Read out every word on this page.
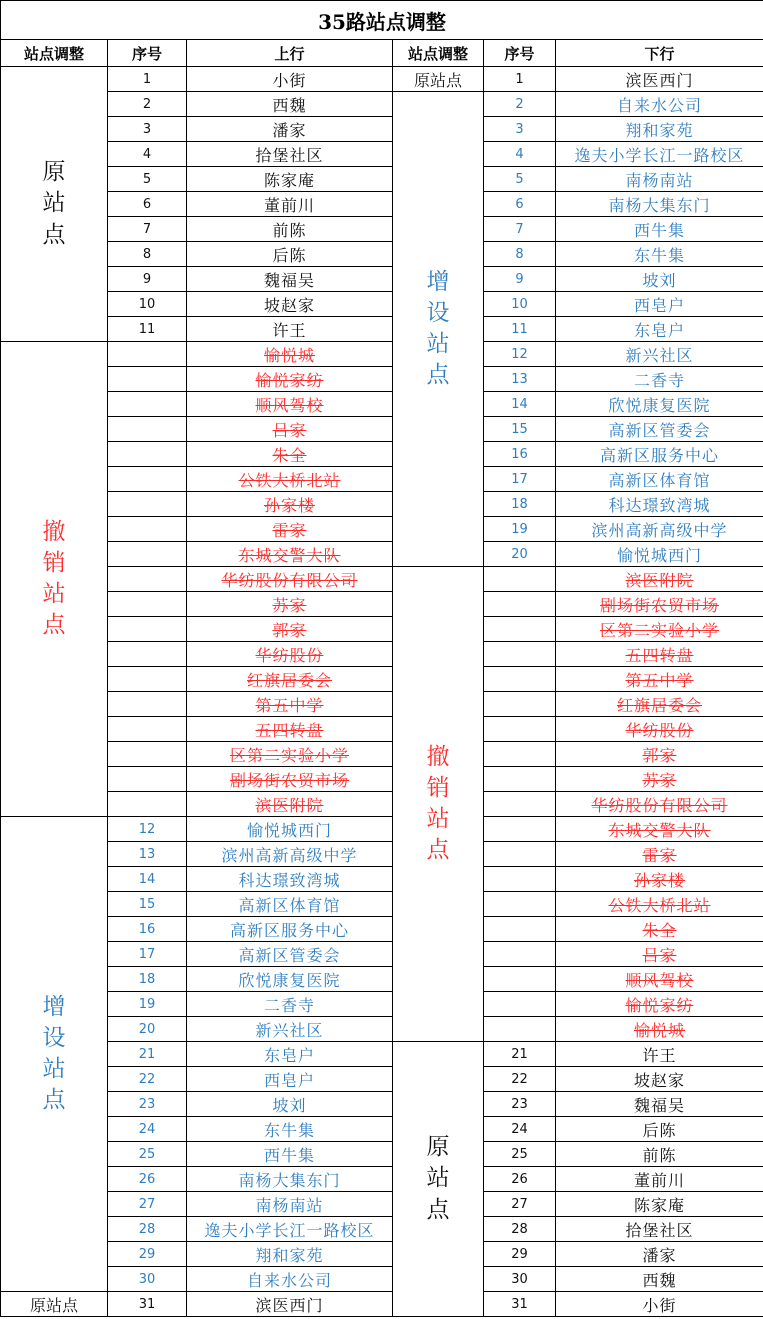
35路站点调整					
站点调整	序号	上行	站点调整	序号	下行
原站点	1	小街	原站点	1	滨医西门
	2	西魏	增设站点	2	自来水公司
	3	潘家		3	翔和家苑
	4	拾堡社区		4	逸夫小学长江一路校区
	5	陈家庵		5	南杨南站
	6	董前川		6	南杨大集东门
	7	前陈		7	西牛集
	8	后陈		8	东牛集
	9	魏福吴		9	坡刘
	10	坡赵家		10	西皂户
	11	许王		11	东皂户
撤销站点		愉悦城		12	新兴社区
		愉悦家纺		13	二香寺
		顺风驾校		14	欣悦康复医院
		吕家		15	高新区管委会
		朱全		16	高新区服务中心
		公铁大桥北站		17	高新区体育馆
		孙家楼		18	科达璟致湾城
		雷家		19	滨州高新高级中学
		东城交警大队		20	愉悦城西门
		华纺股份有限公司	撤销站点		滨医附院
		苏家			剧场街农贸市场
		郭家			区第二实验小学
		华纺股份			五四转盘
		红旗居委会			第五中学
		第五中学			红旗居委会
		五四转盘			华纺股份
		区第二实验小学			郭家
		剧场街农贸市场			苏家
		滨医附院			华纺股份有限公司
增设站点	12	愉悦城西门			东城交警大队
	13	滨州高新高级中学			雷家
	14	科达璟致湾城			孙家楼
	15	高新区体育馆			公铁大桥北站
	16	高新区服务中心			朱全
	17	高新区管委会			吕家
	18	欣悦康复医院			顺风驾校
	19	二香寺			愉悦家纺
	20	新兴社区			愉悦城
	21	东皂户	原站点	21	许王
	22	西皂户		22	坡赵家
	23	坡刘		23	魏福吴
	24	东牛集		24	后陈
	25	西牛集		25	前陈
	26	南杨大集东门		26	董前川
	27	南杨南站		27	陈家庵
	28	逸夫小学长江一路校区		28	拾堡社区
	29	翔和家苑		29	潘家
	30	自来水公司		30	西魏
原站点	31	滨医西门		31	小街
